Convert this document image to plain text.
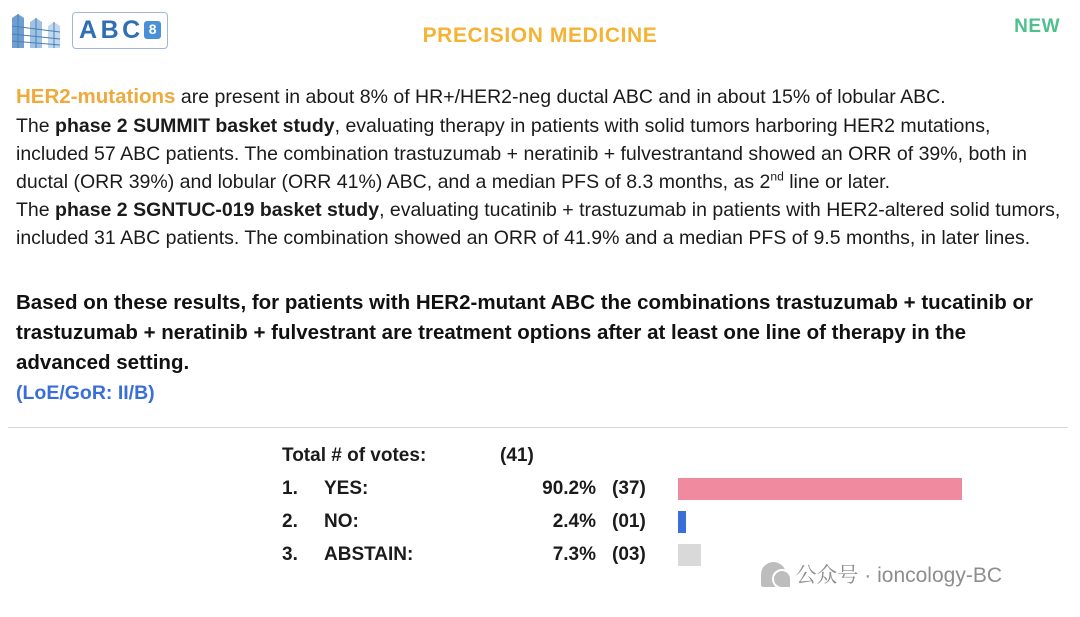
A B C 8	PRECISION MEDICINE	NEW
HER2-mutations are present in about 8% of HR+/HER2-neg ductal ABC and in about 15% of lobular ABC.
The phase 2 SUMMIT basket study, evaluating therapy in patients with solid tumors harboring HER2 mutations, included 57 ABC patients. The combination trastuzumab + neratinib + fulvestrantand showed an ORR of 39%, both in ductal (ORR 39%) and lobular (ORR 41%) ABC, and a median PFS of 8.3 months, as 2nd line or later.
The phase 2 SGNTUC-019 basket study, evaluating tucatinib + trastuzumab in patients with HER2-altered solid tumors, included 31 ABC patients. The combination showed an ORR of 41.9% and a median PFS of 9.5 months, in later lines.
Based on these results, for patients with HER2-mutant ABC the combinations trastuzumab + tucatinib or trastuzumab + neratinib + fulvestrant are treatment options after at least one line of therapy in the advanced setting.
(LoE/GoR: II/B)
Total # of votes:	(41)
1.	YES:	90.2% (37)
2.	NO:	2.4% (01)
3.	ABSTAIN:	7.3% (03)
公众号 · ioncology-BC
